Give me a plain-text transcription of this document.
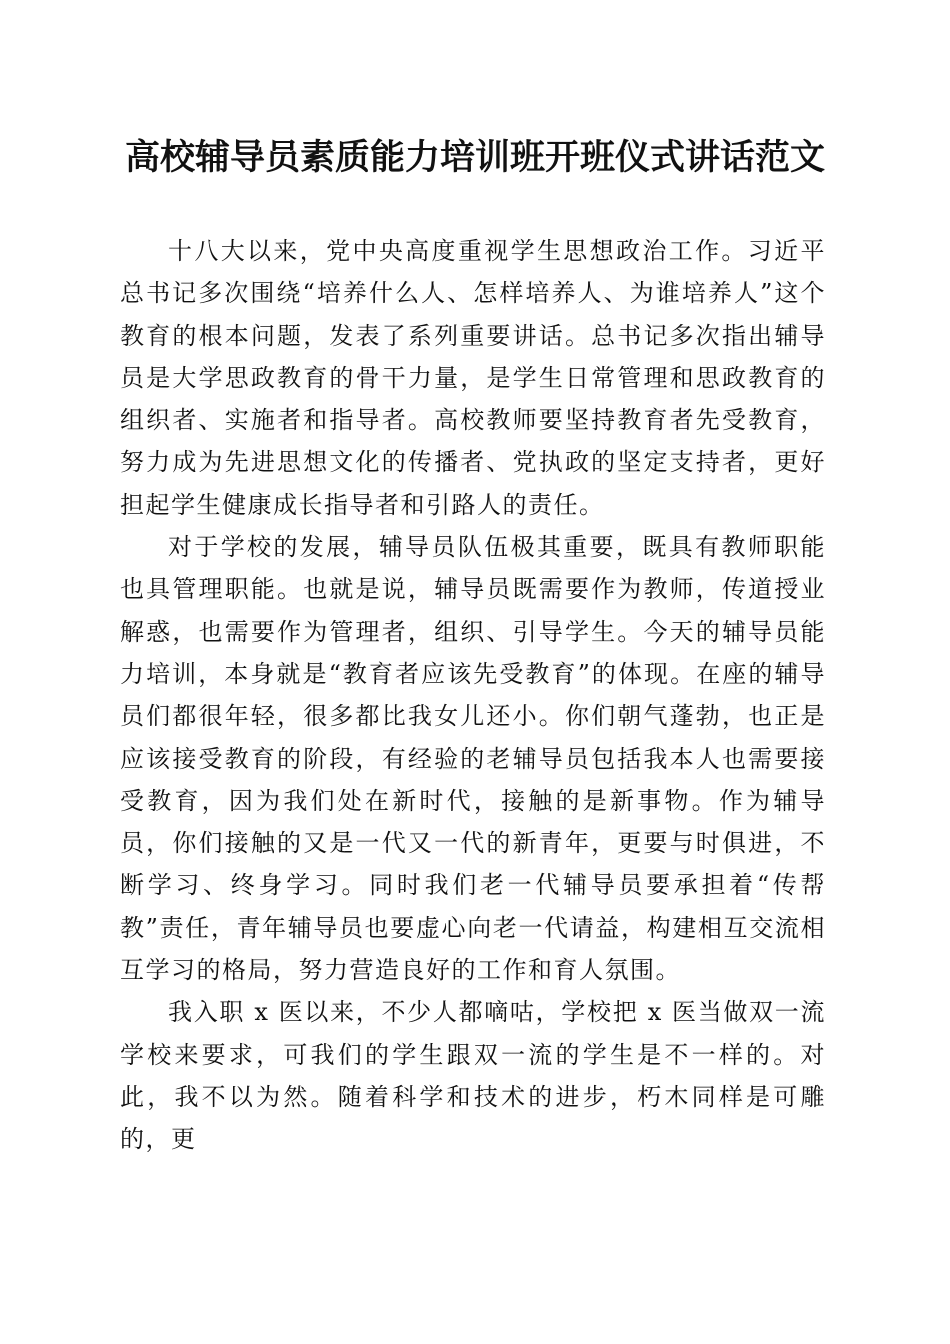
高校辅导员素质能力培训班开班仪式讲话范文

十八大以来，党中央高度重视学生思想政治工作。习近平总书记多次围绕“培养什么人、怎样培养人、为谁培养人”这个教育的根本问题，发表了系列重要讲话。总书记多次指出辅导员是大学思政教育的骨干力量，是学生日常管理和思政教育的组织者、实施者和指导者。高校教师要坚持教育者先受教育，努力成为先进思想文化的传播者、党执政的坚定支持者，更好担起学生健康成长指导者和引路人的责任。

对于学校的发展，辅导员队伍极其重要，既具有教师职能也具管理职能。也就是说，辅导员既需要作为教师，传道授业解惑，也需要作为管理者，组织、引导学生。今天的辅导员能力培训，本身就是“教育者应该先受教育”的体现。在座的辅导员们都很年轻，很多都比我女儿还小。你们朝气蓬勃，也正是应该接受教育的阶段，有经验的老辅导员包括我本人也需要接受教育，因为我们处在新时代，接触的是新事物。作为辅导员，你们接触的又是一代又一代的新青年，更要与时俱进，不断学习、终身学习。同时我们老一代辅导员要承担着“传帮教”责任，青年辅导员也要虚心向老一代请益，构建相互交流相互学习的格局，努力营造良好的工作和育人氛围。

我入职 x 医以来，不少人都嘀咕，学校把 x 医当做双一流学校来要求，可我们的学生跟双一流的学生是不一样的。对此，我不以为然。随着科学和技术的进步，朽木同样是可雕的，更
